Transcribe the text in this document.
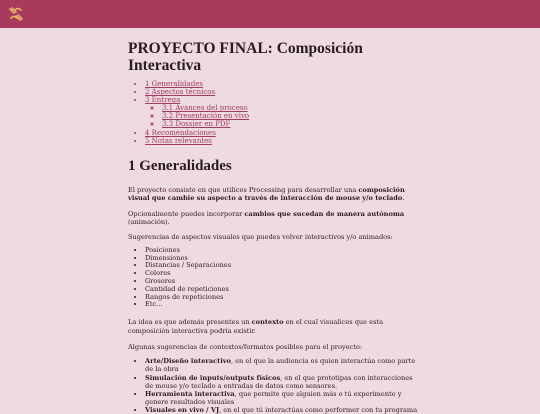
PROYECTO FINAL: Composición Interactiva
• 1 Generalidades
• 2 Aspectos técnicos
• 3 Entrega
◦ 3.1 Avances del proceso
◦ 3.2 Presentación en vivo
◦ 3.3 Dossier en PDF
• 4 Recomendaciones
• 5 Notas relevantes
1 Generalidades

El proyecto consiste en que utilices Processing para desarrollar una composición visual que cambie su aspecto a través de interacción de mouse y/o teclado.

Opcionalmente puedes incorporar cambios que sucedan de manera autónoma (animación).

Sugerencias de aspectos visuales que puedes volver interactivos y/o animados:

• Posiciones
• Dimensiones
• Distancias / Separaciones
• Colores
• Grosores
• Cantidad de repeticiones
• Rangos de repeticiones
• Etc...

La idea es que además presentes un contexto en el cual visualices que esta composición interactiva podría existir.

Algunas sugerencias de contextos/formatos posibles para el proyecto:

• Arte/Diseño interactivo, en el que la audiencia es quien interactúa como parte de la obra
• Simulación de inputs/outputs físicos, en el que prototipas con interacciones de mouse y/o teclado a entradas de datos como sensores.
• Herramienta interactiva, que permite que alguien más o tú experimente y genere resultados visuales
• Visuales en vivo / VJ, en el que tú interactúas como performer con tu programa
